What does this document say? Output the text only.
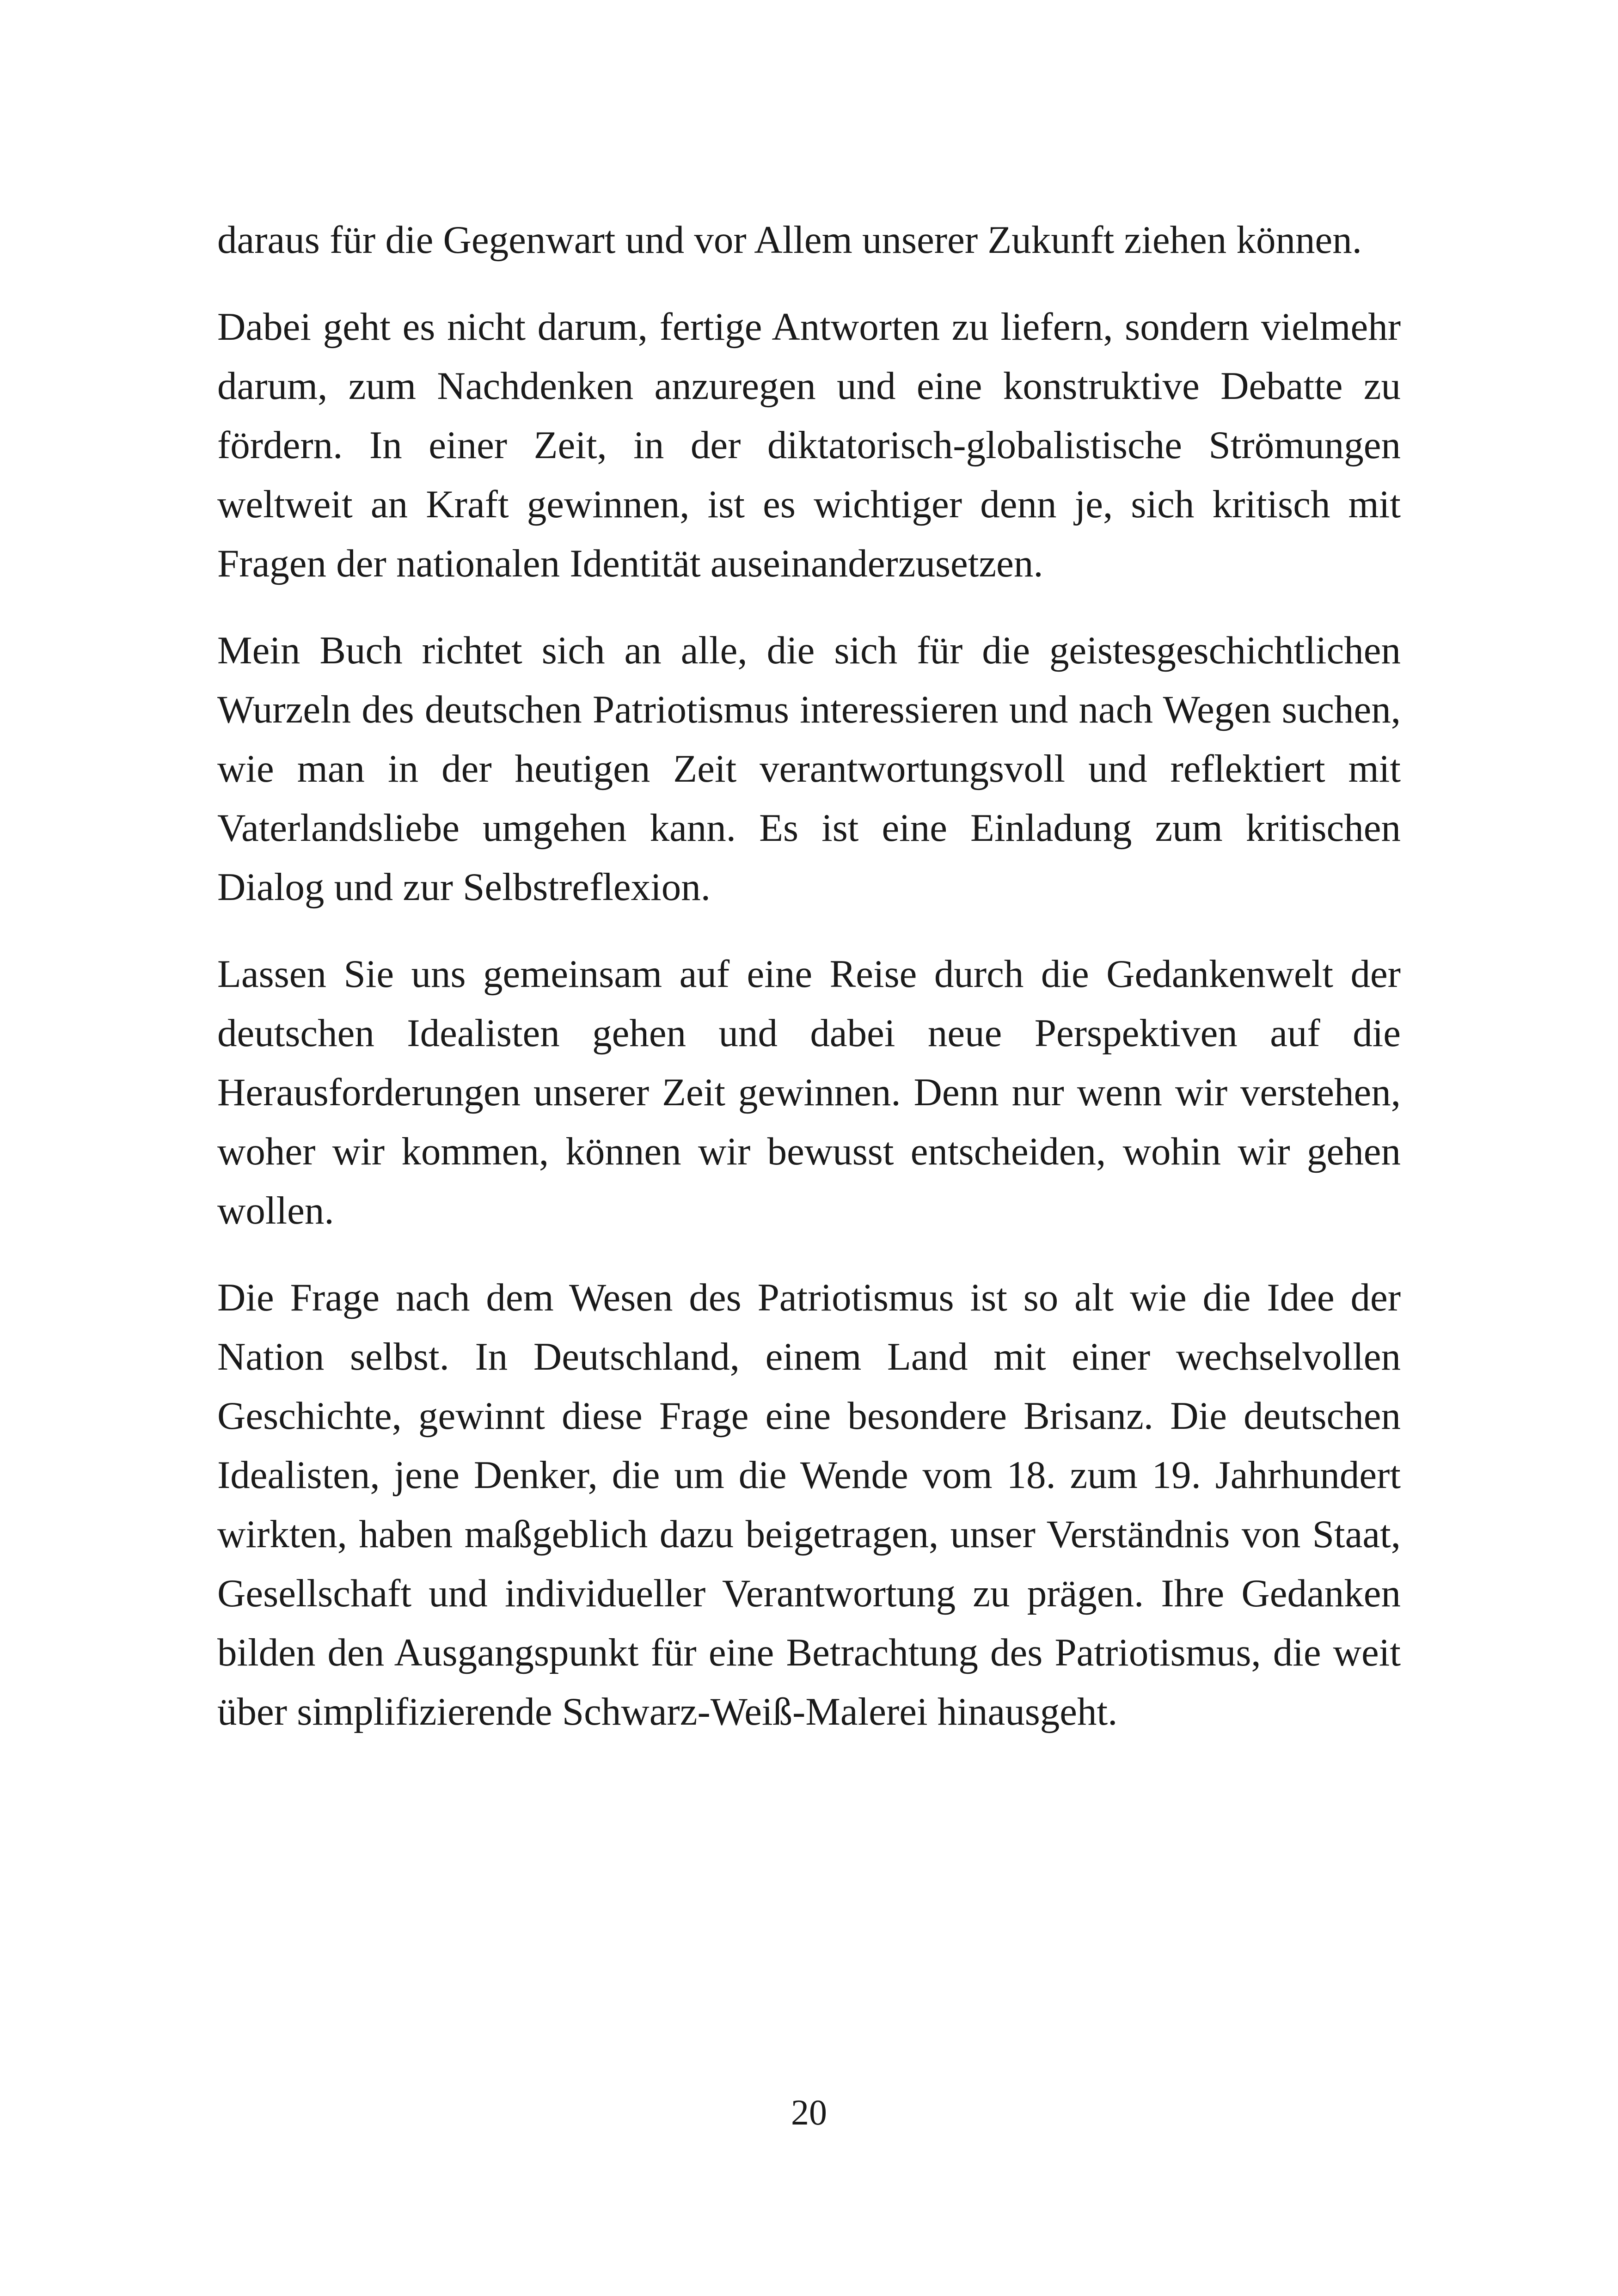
daraus für die Gegenwart und vor Allem unserer Zukunft ziehen können.

Dabei geht es nicht darum, fertige Antworten zu liefern, sondern vielmehr darum, zum Nachdenken anzuregen und eine konstruktive Debatte zu fördern. In einer Zeit, in der diktatorisch-globalistische Strömungen weltweit an Kraft gewinnen, ist es wichtiger denn je, sich kritisch mit Fragen der nationalen Identität auseinanderzusetzen.

Mein Buch richtet sich an alle, die sich für die geistesgeschichtlichen Wurzeln des deutschen Patriotismus interessieren und nach Wegen suchen, wie man in der heutigen Zeit verantwortungsvoll und reflektiert mit Vaterlandsliebe umgehen kann. Es ist eine Einladung zum kritischen Dialog und zur Selbstreflexion.

Lassen Sie uns gemeinsam auf eine Reise durch die Gedankenwelt der deutschen Idealisten gehen und dabei neue Perspektiven auf die Herausforderungen unserer Zeit gewinnen. Denn nur wenn wir verstehen, woher wir kommen, können wir bewusst entscheiden, wohin wir gehen wollen.

Die Frage nach dem Wesen des Patriotismus ist so alt wie die Idee der Nation selbst. In Deutschland, einem Land mit einer wechselvollen Geschichte, gewinnt diese Frage eine besondere Brisanz. Die deutschen Idealisten, jene Denker, die um die Wende vom 18. zum 19. Jahrhundert wirkten, haben maßgeblich dazu beigetragen, unser Verständnis von Staat, Gesellschaft und individueller Verantwortung zu prägen. Ihre Gedanken bilden den Ausgangspunkt für eine Betrachtung des Patriotismus, die weit über simplifizierende Schwarz-Weiß-Malerei hinausgeht.

20
